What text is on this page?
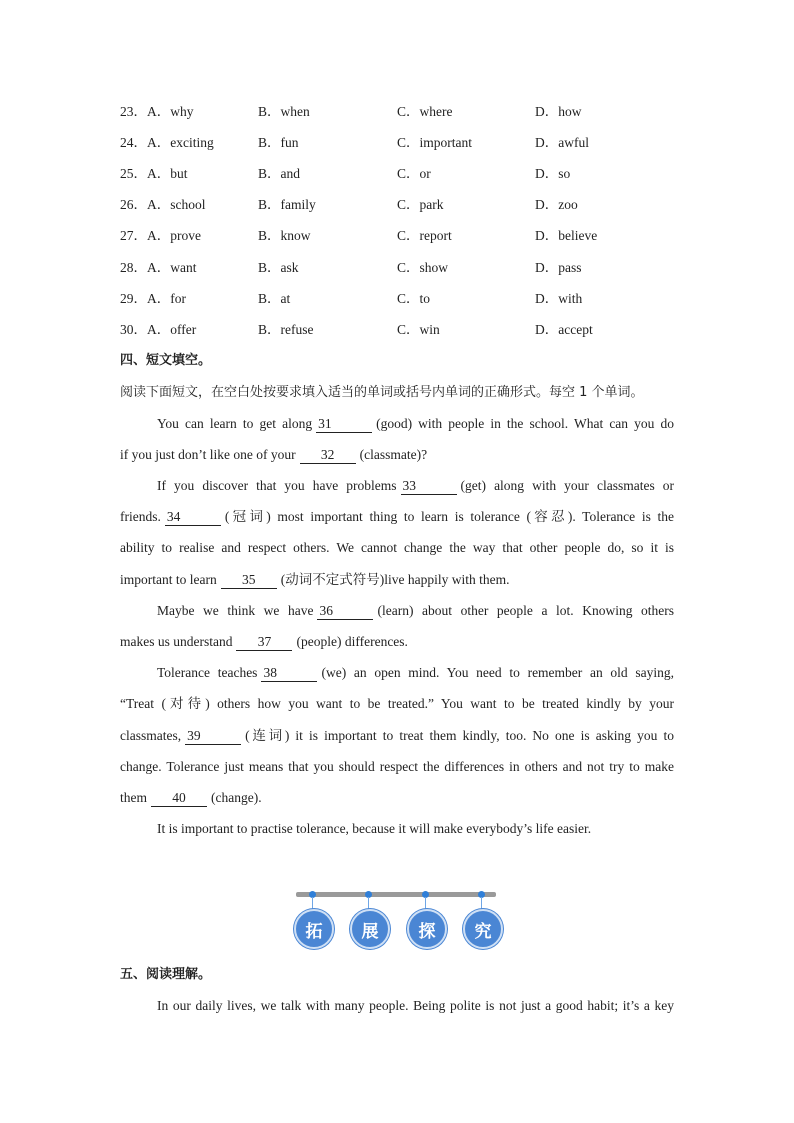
23．A．why	B．when	C．where	D．how
24．A．exciting	B．fun	C．important	D．awful
25．A．but	B．and	C．or	D．so
26．A．school	B．family	C．park	D．zoo
27．A．prove	B．know	C．report	D．believe
28．A．want	B．ask	C．show	D．pass
29．A．for	B．at	C．to	D．with
30．A．offer	B．refuse	C．win	D．accept
四、短文填空。
阅读下面短文，在空白处按要求填入适当的单词或括号内单词的正确形式。每空 1 个单词。
You can learn to get along 31	(good) with people in the school. What can you do
if you just don’t like one of your 32 (classmate)?
If you discover that you have problems 33	(get) along with your classmates or
friends. 34	(冠词) most important thing to learn is tolerance (容忍). Tolerance is the
ability to realise and respect others. We cannot change the way that other people do, so it is
important to learn 35 (动词不定式符号)live happily with them.
Maybe we think we have 36	(learn) about other people a lot. Knowing others
makes us understand 37 (people) differences.
Tolerance teaches 38	(we) an open mind. You need to remember an old saying,
“Treat (对待) others how you want to be treated.” You want to be treated kindly by your
classmates, 39	(连词) it is important to treat them kindly, too. No one is asking you to
change. Tolerance just means that you should respect the differences in others and not try to make
them 40 (change).
It is important to practise tolerance, because it will make everybody’s life easier.
拓	展	探	究
五、阅读理解。
In our daily lives, we talk with many people. Being polite is not just a good habit; it’s a key
